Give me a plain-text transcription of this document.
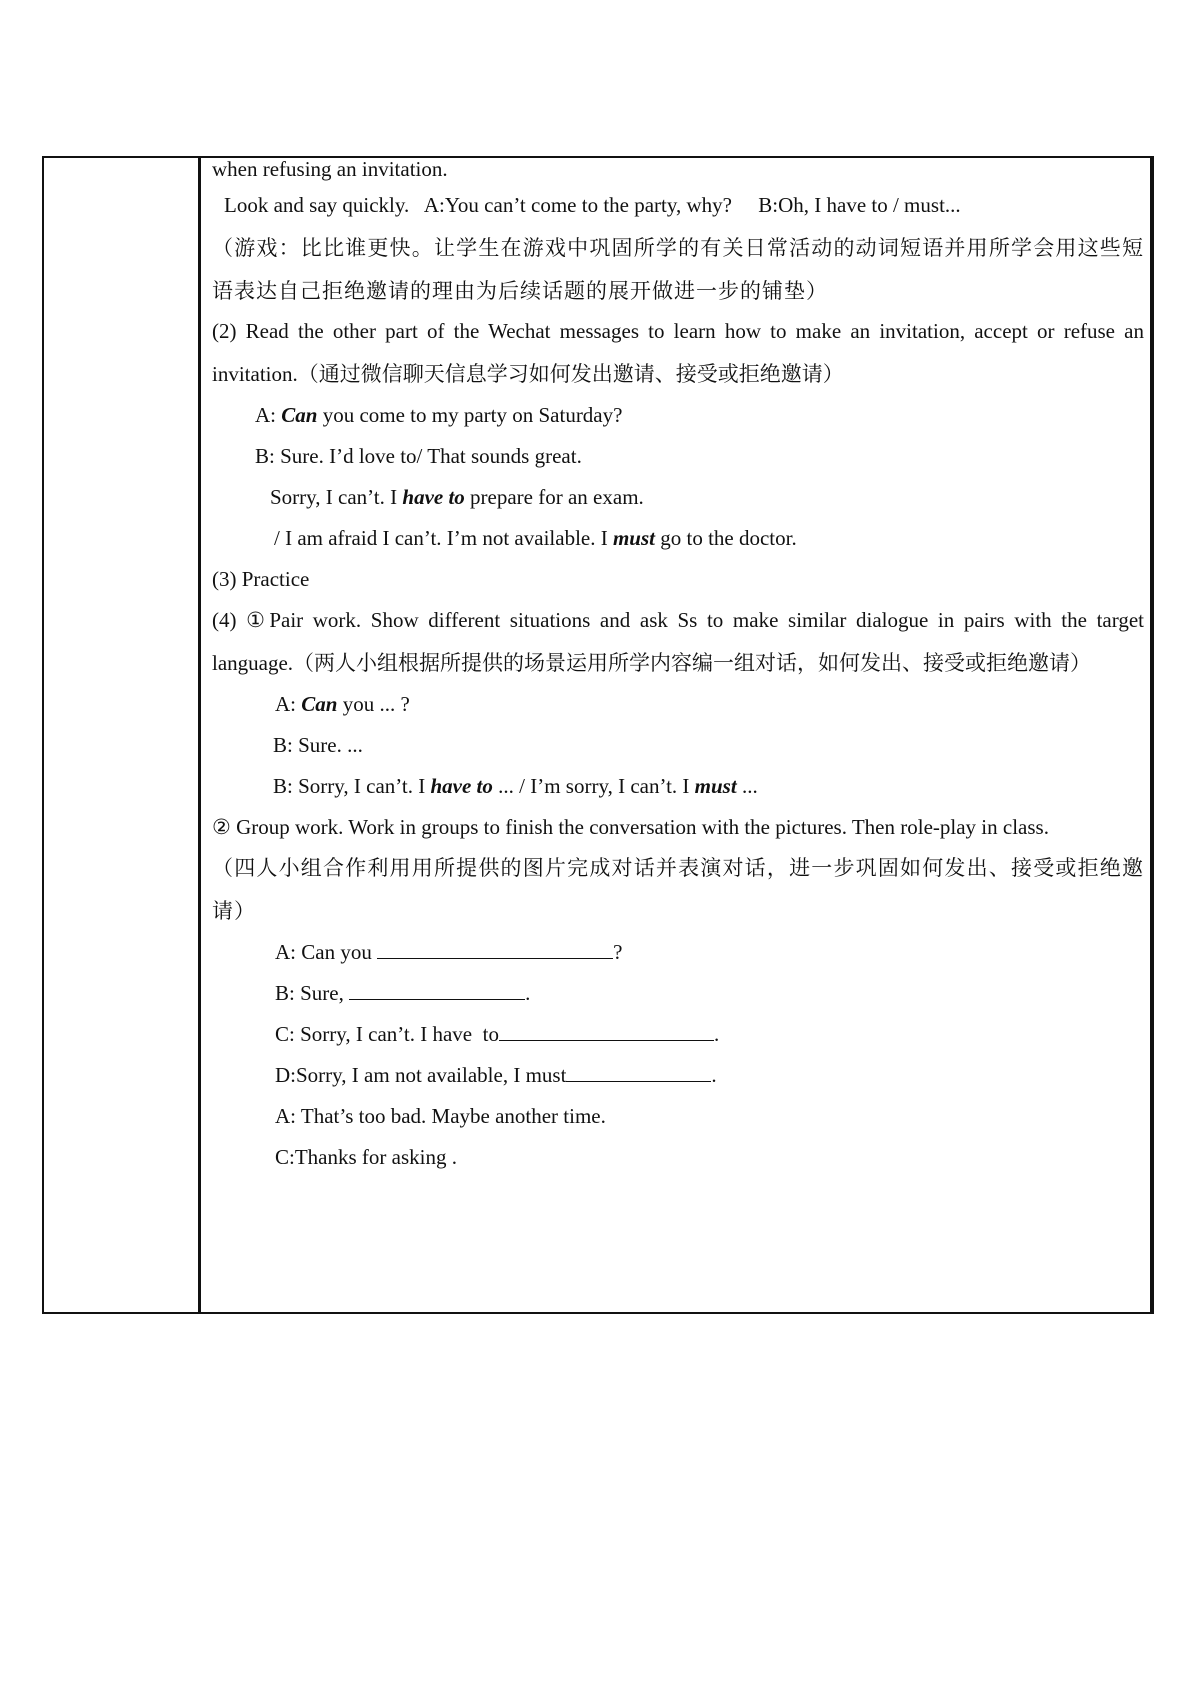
when refusing an invitation.
Look and say quickly.   A:You can’t come to the party, why?     B:Oh, I have to / must...
（游戏：比比谁更快。让学生在游戏中巩固所学的有关日常活动的动词短语并用所学会用这些短
语表达自己拒绝邀请的理由为后续话题的展开做进一步的铺垫）
(2) Read the other part of the Wechat messages to learn how to make an invitation, accept or refuse an
invitation.（通过微信聊天信息学习如何发出邀请、接受或拒绝邀请）
A: Can you come to my party on Saturday?
B: Sure. I’d love to/ That sounds great.
Sorry, I can’t. I have to prepare for an exam.
/ I am afraid I can’t. I’m not available. I must go to the doctor.
(3) Practice
(4) ①Pair work. Show different situations and ask Ss to make similar dialogue in pairs with the target
language.（两人小组根据所提供的场景运用所学内容编一组对话，如何发出、接受或拒绝邀请）
A: Can you ... ?
B: Sure. ...
B: Sorry, I can’t. I have to ... / I’m sorry, I can’t. I must ...
② Group work. Work in groups to finish the conversation with the pictures. Then role-play in class.
（四人小组合作利用用所提供的图片完成对话并表演对话，进一步巩固如何发出、接受或拒绝邀
请）
A: Can you	?
B: Sure,	.
C: Sorry, I can’t. I have  to	.
D:Sorry, I am not available, I must	.
A: That’s too bad. Maybe another time.
C:Thanks for asking .
